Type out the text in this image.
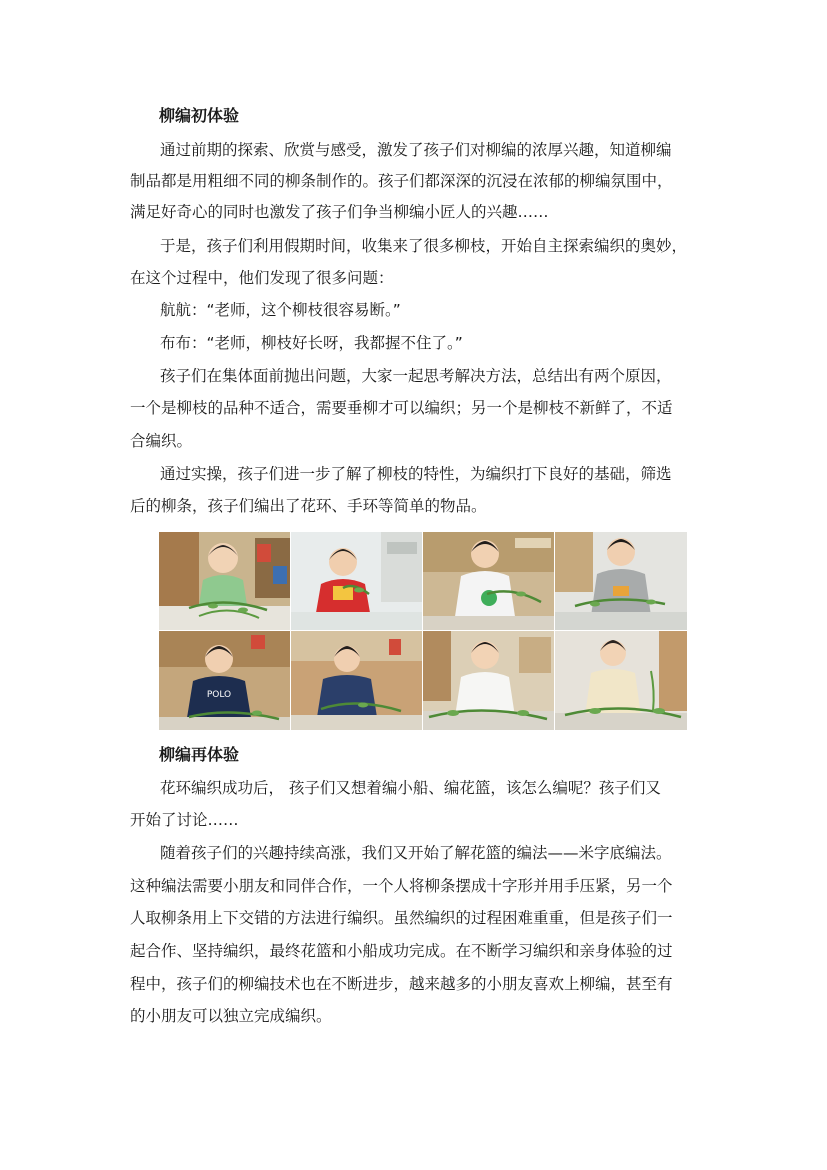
柳编初体验
通过前期的探索、欣赏与感受，激发了孩子们对柳编的浓厚兴趣，知道柳编
制品都是用粗细不同的柳条制作的。孩子们都深深的沉浸在浓郁的柳编氛围中，
满足好奇心的同时也激发了孩子们争当柳编小匠人的兴趣……
于是，孩子们利用假期时间，收集来了很多柳枝，开始自主探索编织的奥妙，
在这个过程中，他们发现了很多问题：
航航：“老师，这个柳枝很容易断。”
布布：“老师，柳枝好长呀，我都握不住了。”
孩子们在集体面前抛出问题，大家一起思考解决方法，总结出有两个原因，
一个是柳枝的品种不适合，需要垂柳才可以编织；另一个是柳枝不新鲜了，不适
合编织。
通过实操，孩子们进一步了解了柳枝的特性，为编织打下良好的基础，筛选
后的柳条，孩子们编出了花环、手环等简单的物品。
POLO
柳编再体验
花环编织成功后， 孩子们又想着编小船、编花篮，该怎么编呢？孩子们又
开始了讨论……
随着孩子们的兴趣持续高涨，我们又开始了解花篮的编法——米字底编法。
这种编法需要小朋友和同伴合作，一个人将柳条摆成十字形并用手压紧，另一个
人取柳条用上下交错的方法进行编织。虽然编织的过程困难重重，但是孩子们一
起合作、坚持编织，最终花篮和小船成功完成。在不断学习编织和亲身体验的过
程中，孩子们的柳编技术也在不断进步，越来越多的小朋友喜欢上柳编，甚至有
的小朋友可以独立完成编织。
